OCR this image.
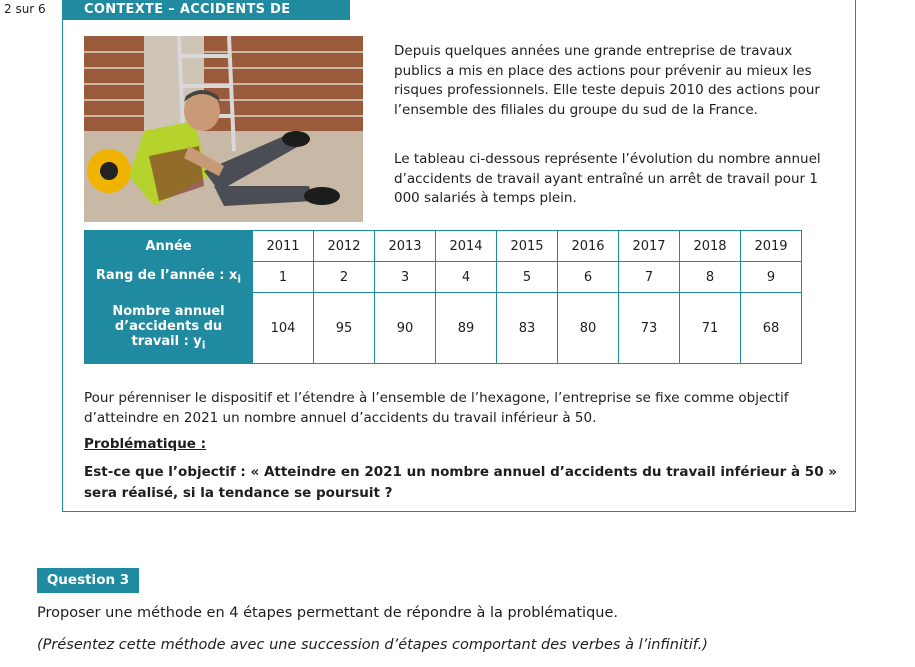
2 sur 6	CONTEXTE – ACCIDENTS DE TRAVAIL

Depuis quelques années une grande entreprise de travaux publics a mis en place des actions pour prévenir au mieux les risques professionnels. Elle teste depuis 2010 des actions pour l’ensemble des filiales du groupe du sud de la France.

Le tableau ci-dessous représente l’évolution du nombre annuel d’accidents de travail ayant entraîné un arrêt de travail pour 1 000 salariés à temps plein.

Année	2011	2012	2013	2014	2015	2016	2017	2018	2019
Rang de l’année : $x_i$	1	2	3	4	5	6	7	8	9
Nombre annuel
d’accidents du
travail : $y_i$	104	95	90	89	83	80	73	71	68

Pour pérenniser le dispositif et l’étendre à l’ensemble de l’hexagone, l’entreprise se fixe comme objectif d’atteindre en 2021 un nombre annuel d’accidents du travail inférieur à 50.

Problématique :

Est-ce que l’objectif : « Atteindre en 2021 un nombre annuel d’accidents du travail inférieur à 50 » sera réalisé, si la tendance se poursuit ?

Question 3

Proposer une méthode en 4 étapes permettant de répondre à la problématique.

(Présentez cette méthode avec une succession d’étapes comportant des verbes à l’infinitif.)
